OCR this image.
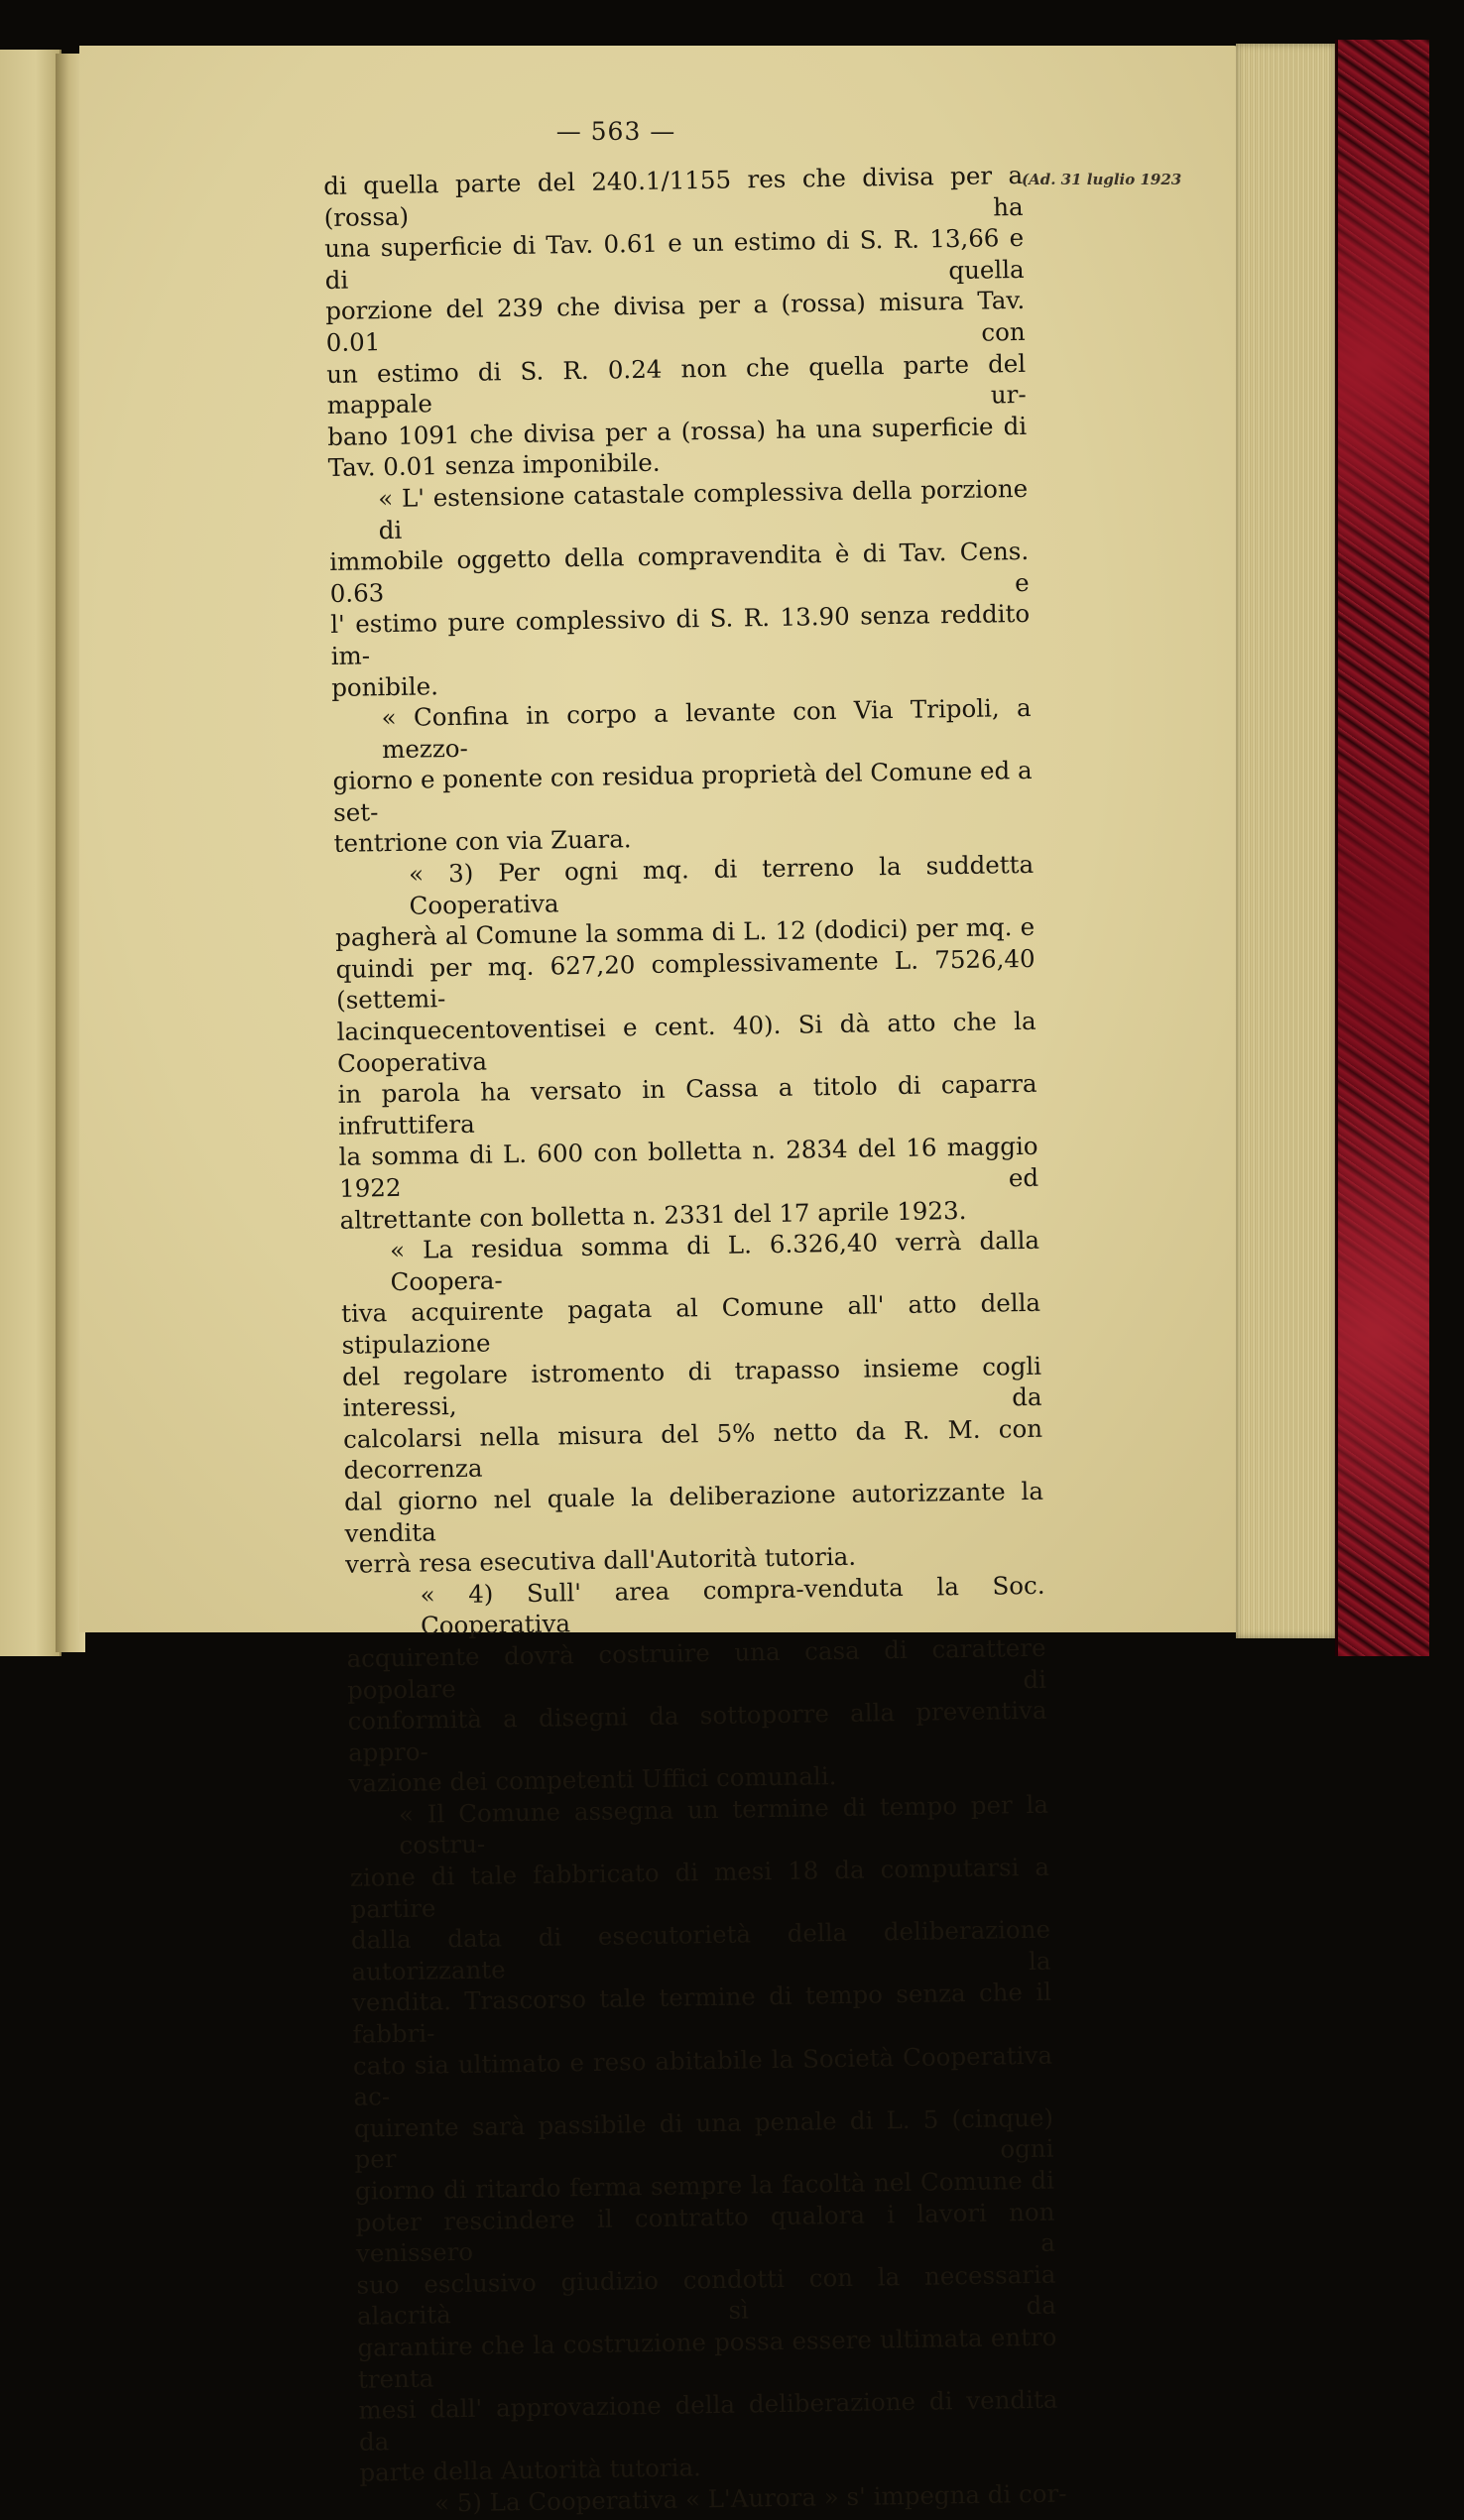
— 563 —
(Ad. 31 luglio 1923

di quella parte del 240.1/1155 res che divisa per a (rossa) ha
una superficie di Tav. 0.61 e un estimo di S. R. 13,66 e di quella
porzione del 239 che divisa per a (rossa) misura Tav. 0.01 con
un estimo di S. R. 0.24 non che quella parte del mappale ur-
bano 1091 che divisa per a (rossa) ha una superficie di
Tav. 0.01 senza imponibile.

« L' estensione catastale complessiva della porzione di
immobile oggetto della compravendita è di Tav. Cens. 0.63 e
l' estimo pure complessivo di S. R. 13.90 senza reddito im-
ponibile.

« Confina in corpo a levante con Via Tripoli, a mezzo-
giorno e ponente con residua proprietà del Comune ed a set-
tentrione con via Zuara.

« 3) Per ogni mq. di terreno la suddetta Cooperativa
pagherà al Comune la somma di L. 12 (dodici) per mq. e
quindi per mq. 627,20 complessivamente L. 7526,40 (settemi-
lacinquecentoventisei e cent. 40). Si dà atto che la Cooperativa
in parola ha versato in Cassa a titolo di caparra infruttifera
la somma di L. 600 con bolletta n. 2834 del 16 maggio 1922 ed
altrettante con bolletta n. 2331 del 17 aprile 1923.

« La residua somma di L. 6.326,40 verrà dalla Coopera-
tiva acquirente pagata al Comune all' atto della stipulazione
del regolare istromento di trapasso insieme cogli interessi, da
calcolarsi nella misura del 5% netto da R. M. con decorrenza
dal giorno nel quale la deliberazione autorizzante la vendita
verrà resa esecutiva dall'Autorità tutoria.

« 4) Sull' area compra-venduta la Soc. Cooperativa
acquirente dovrà costruire una casa di carattere popolare di
conformità a disegni da sottoporre alla preventiva appro-
vazione dei competenti Uffici comunali.

« Il Comune assegna un termine di tempo per la costru-
zione di tale fabbricato di mesi 18 da computarsi a partire
dalla data di esecutorietà della deliberazione autorizzante la
vendita. Trascorso tale termine di tempo senza che il fabbri-
cato sia ultimato e reso abitabile la Società Cooperativa ac-
quirente sarà passibile di una penale di L. 5 (cinque) per ogni
giorno di ritardo ferma sempre la facoltà nel Comune di
poter rescindere il contratto qualora i lavori non venissero a
suo esclusivo giudizio condotti con la necessaria alacrità sì da
garantire che la costruzione possa essere ultimata entro trenta
mesi dall' approvazione della deliberazione di vendita da
parte della Autorità tutoria.

« 5) La Cooperativa « L'Aurora » s' impegna di cor-
